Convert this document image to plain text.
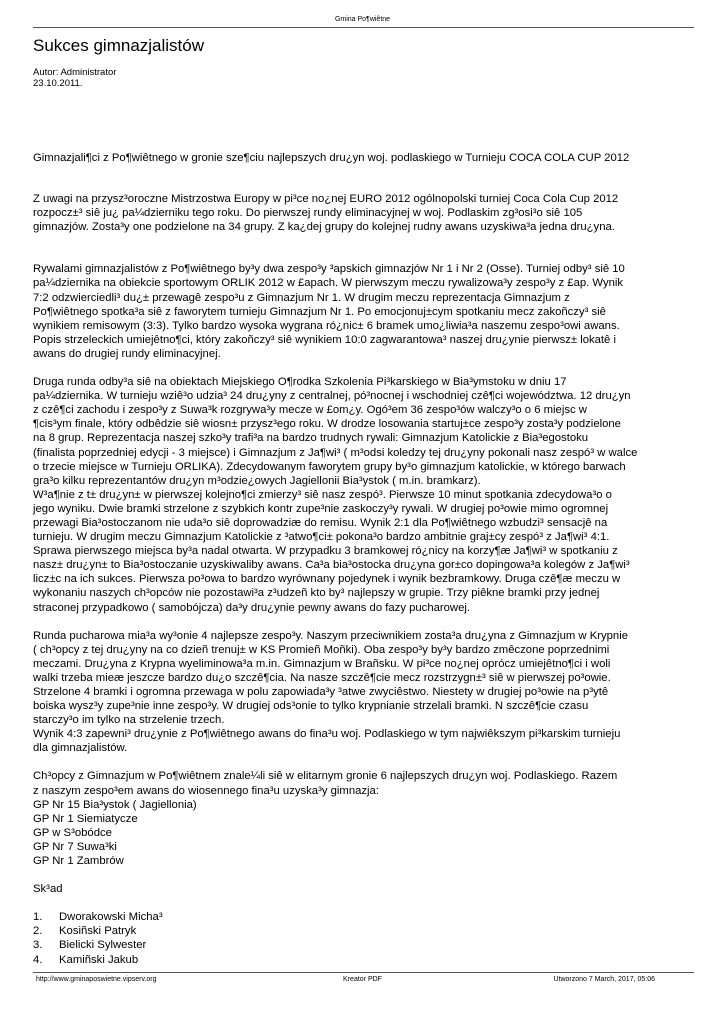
Gmina Po¶wiêtne
Sukces gimnazjalistów
Autor: Administrator
23.10.2011.

Gimnazjali¶ci z Po¶wiêtnego w gronie sze¶ciu najlepszych dru¿yn woj. podlaskiego w Turnieju COCA COLA CUP 2012

Z uwagi na przysz³oroczne Mistrzostwa Europy w pi³ce no¿nej EURO 2012 ogólnopolski turniej Coca Cola Cup 2012
rozpocz±³ siê ju¿ pa¼dzierniku tego roku. Do pierwszej rundy eliminacyjnej w woj. Podlaskim zg³osi³o siê 105
gimnazjów. Zosta³y one podzielone na 34 grupy. Z ka¿dej grupy do kolejnej rudny awans uzyskiwa³a jedna dru¿yna.

Rywalami gimnazjalistów z Po¶wiêtnego by³y dwa zespo³y ³apskich gimnazjów Nr 1 i Nr 2 (Osse). Turniej odby³ siê 10
pa¼dziernika na obiekcie sportowym ORLIK 2012 w £apach. W pierwszym meczu rywalizowa³y zespo³y z £ap. Wynik
7:2 odzwierciedli³ du¿± przewagê zespo³u z Gimnazjum Nr 1. W drugim meczu reprezentacja Gimnazjum z
Po¶wiêtnego spotka³a siê z faworytem turnieju Gimnazjum Nr 1. Po emocjonuj±cym spotkaniu mecz zakoñczy³ siê
wynikiem remisowym (3:3). Tylko bardzo wysoka wygrana ró¿nic± 6 bramek umo¿liwia³a naszemu zespo³owi awans.
Popis strzeleckich umiejêtno¶ci, który zakoñczy³ siê wynikiem 10:0 zagwarantowa³ naszej dru¿ynie pierwsz± lokatê i
awans do drugiej rundy eliminacyjnej.

Druga runda odby³a siê na obiektach Miejskiego O¶rodka Szkolenia Pi³karskiego w Bia³ymstoku w dniu 17
pa¼dziernika. W turnieju wziê³o udzia³ 24 dru¿yny z centralnej, pó³nocnej i wschodniej czê¶ci województwa. 12 dru¿yn
z czê¶ci zachodu i zespo³y z Suwa³k rozgrywa³y mecze w £om¿y. Ogó³em 36 zespo³ów walczy³o o 6 miejsc w
¶cis³ym finale, który odbêdzie siê wiosn± przysz³ego roku. W drodze losowania startuj±ce zespo³y zosta³y podzielone
na 8 grup. Reprezentacja naszej szko³y trafi³a na bardzo trudnych rywali: Gimnazjum Katolickie z Bia³egostoku
(finalista poprzedniej edycji - 3 miejsce) i Gimnazjum z Ja¶wi³ ( m³odsi koledzy tej dru¿yny pokonali nasz zespó³ w walce
o trzecie miejsce w Turnieju ORLIKA). Zdecydowanym faworytem grupy by³o gimnazjum katolickie, w którego barwach
gra³o kilku reprezentantów dru¿yn m³odzie¿owych Jagiellonii Bia³ystok ( m.in. bramkarz).
W³a¶nie z t± dru¿yn± w pierwszej kolejno¶ci zmierzy³ siê nasz zespó³. Pierwsze 10 minut spotkania zdecydowa³o o
jego wyniku. Dwie bramki strzelone z szybkich kontr zupe³nie zaskoczy³y rywali. W drugiej po³owie mimo ogromnej
przewagi Bia³ostoczanom nie uda³o siê doprowadziæ do remisu. Wynik 2:1 dla Po¶wiêtnego wzbudzi³ sensacjê na
turnieju. W drugim meczu Gimnazjum Katolickie z ³atwo¶ci± pokona³o bardzo ambitnie graj±cy zespó³ z Ja¶wi³ 4:1.
Sprawa pierwszego miejsca by³a nadal otwarta. W przypadku 3 bramkowej ró¿nicy na korzy¶æ Ja¶wi³ w spotkaniu z
nasz± dru¿yn± to Bia³ostoczanie uzyskiwaliby awans. Ca³a bia³ostocka dru¿yna gor±co dopingowa³a kolegów z Ja¶wi³
licz±c na ich sukces. Pierwsza po³owa to bardzo wyrównany pojedynek i wynik bezbramkowy. Druga czê¶æ meczu w
wykonaniu naszych ch³opców nie pozostawi³a z³udzeñ kto by³ najlepszy w grupie. Trzy piêkne bramki przy jednej
straconej przypadkowo ( samobójcza) da³y dru¿ynie pewny awans do fazy pucharowej.

Runda pucharowa mia³a wy³onie 4 najlepsze zespo³y. Naszym przeciwnikiem zosta³a dru¿yna z Gimnazjum w Krypnie
( ch³opcy z tej dru¿yny na co dzieñ trenuj± w KS Promieñ Moñki). Oba zespo³y by³y bardzo zmêczone poprzednimi
meczami. Dru¿yna z Krypna wyeliminowa³a m.in. Gimnazjum w Brañsku. W pi³ce no¿nej oprócz umiejêtno¶ci i woli
walki trzeba mieæ jeszcze bardzo du¿o szczê¶cia. Na nasze szczê¶cie mecz rozstrzygn±³ siê w pierwszej po³owie.
Strzelone 4 bramki i ogromna przewaga w polu zapowiada³y ³atwe zwyciêstwo. Niestety w drugiej po³owie na p³ytê
boiska wysz³y zupe³nie inne zespo³y. W drugiej ods³onie to tylko krypnianie strzelali bramki. N szczê¶cie czasu
starczy³o im tylko na strzelenie trzech.
Wynik 4:3 zapewni³ dru¿ynie z Po¶wiêtnego awans do fina³u woj. Podlaskiego w tym najwiêkszym pi³karskim turnieju
dla gimnazjalistów.

Ch³opcy z Gimnazjum w Po¶wiêtnem znale¼li siê w elitarnym gronie 6 najlepszych dru¿yn woj. Podlaskiego. Razem
z naszym zespo³em awans do wiosennego fina³u uzyska³y gimnazja:
GP Nr 15 Bia³ystok ( Jagiellonia)
GP Nr 1 Siemiatycze
GP w S³obódce
GP Nr 7 Suwa³ki
GP Nr 1 Zambrów

Sk³ad

1.	Dworakowski Micha³
2.	Kosiñski Patryk
3.	Bielicki Sylwester
4.	Kamiñski Jakub
http://www.gminaposwietne.vipserv.org	Kreator PDF	Utworzono 7 March, 2017, 05:06
